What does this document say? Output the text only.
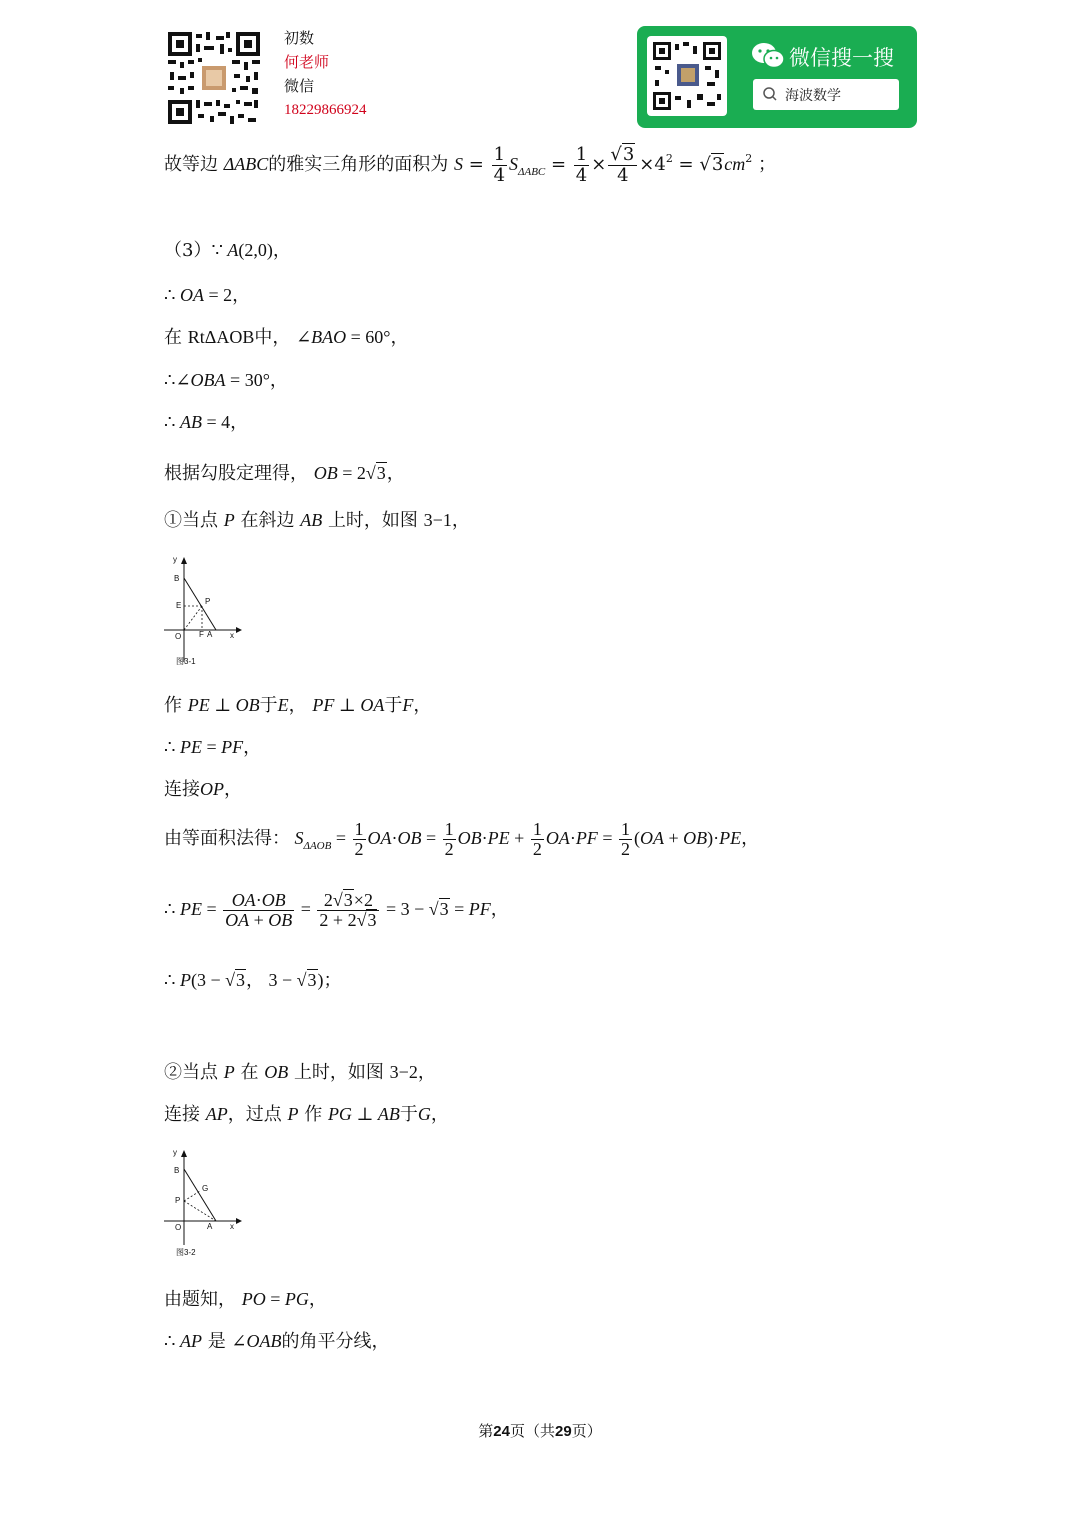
初数
何老师
微信
18229866924
微信搜一搜
海波数学
故等边 ΔABC的雅实三角形的面积为 $S = \frac{1}{4} S_{\Delta ABC} = \frac{1}{4} \times \frac{√3}{4} \times 4^2 = √3cm^2$ ；
（3）∵ A(2,0)，
∴ OA = 2，
在 RtΔAOB中， ∠BAO = 60°，
∴∠OBA = 30°，
∴ AB = 4，
根据勾股定理得， OB = 2√3，
①当点 P 在斜边 AB 上时，如图 3−1，
y
B
E	P
O F A x
图3-1
作 PE ⊥ OB于E， PF ⊥ OA于F，
∴ PE = PF，
连接OP，
由等面积法得： $S_{\Delta AOB} = \frac{1}{2} OA\cdot OB = \frac{1}{2} OB\cdot PE + \frac{1}{2} OA\cdot PF = \frac{1}{2} (OA + OB)\cdot PE$，
∴ PE = $\frac{OA\cdot OB}{OA + OB} = \frac{2√3\times 2}{2 + 2√3} = 3 - √3$ = PF，
∴ P(3 − √3， 3 − √3)；
②当点 P 在 OB 上时，如图 3−2，
连接 AP，过点 P 作 PG ⊥ AB于G，
y
B
G
P
O	A x
图3-2
由题知， PO = PG，
∴ AP 是 ∠OAB的角平分线，
第24页（共29页）
